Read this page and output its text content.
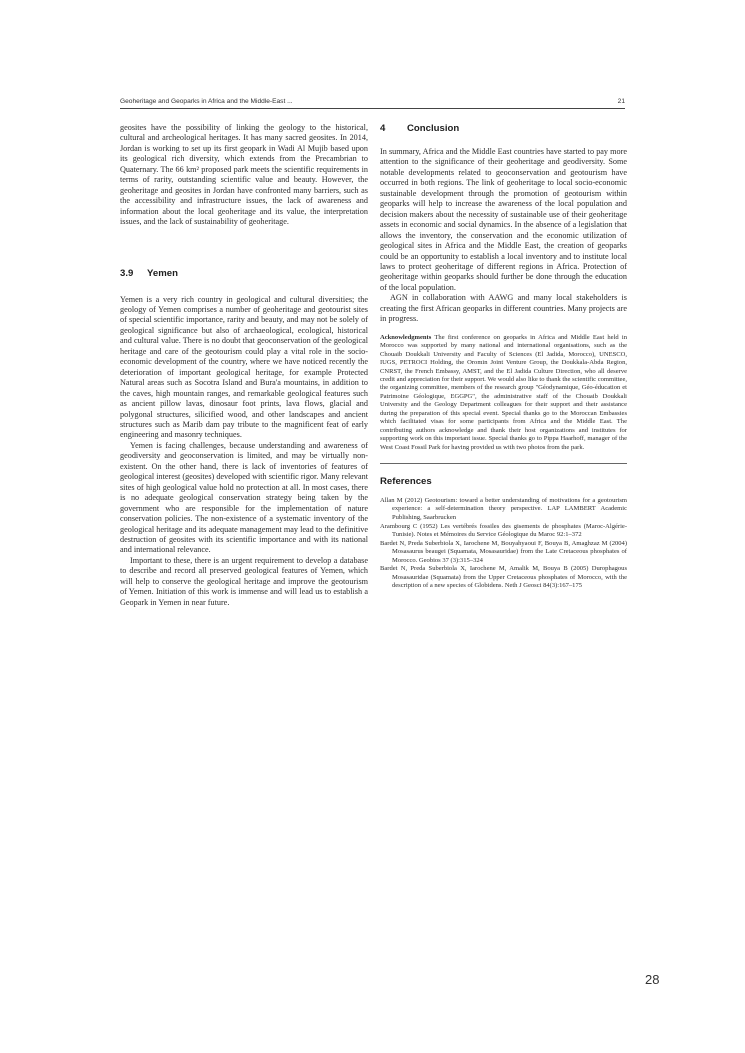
Geoheritage and Geoparks in Africa and the Middle-East ...	21

geosites have the possibility of linking the geology to the historical, cultural and archeological heritages. It has many sacred geosites. In 2014, Jordan is working to set up its first geopark in Wadi Al Mujib based upon its geological rich diversity, which extends from the Precambrian to Quaternary. The 66 km² proposed park meets the scientific requirements in terms of rarity, outstanding scientific value and beauty. However, the geoheritage and geosites in Jordan have confronted many barriers, such as the accessibility and infrastructure issues, the lack of awareness and information about the local geoheritage and its value, the interpretation issues, and the lack of sustainability of geoheritage.

3.9 Yemen

Yemen is a very rich country in geological and cultural diversities; the geology of Yemen comprises a number of geoheritage and geotourist sites of special scientific importance, rarity and beauty, and may not be solely of geological significance but also of archaeological, ecological, historical and cultural value. There is no doubt that geoconservation of the geological heritage and care of the geotourism could play a vital role in the socio-economic development of the country, where we have noticed recently the deterioration of important geological heritage, for example Protected Natural areas such as Socotra Island and Bura'a mountains, in addition to the caves, high mountain ranges, and remarkable geological features such as ancient pillow lavas, dinosaur foot prints, lava flows, glacial and polygonal structures, silicified wood, and other landscapes and ancient structures such as Marib dam pay tribute to the magnificent feat of early engineering and masonry techniques.

Yemen is facing challenges, because understanding and awareness of geodiversity and geoconservation is limited, and may be virtually non-existent. On the other hand, there is lack of inventories of features of geological interest (geosites) developed with scientific rigor. Many relevant sites of high geological value hold no protection at all. In most cases, there is no adequate geological conservation strategy being taken by the government who are responsible for the implementation of nature conservation policies. The non-existence of a systematic inventory of the geological heritage and its adequate management may lead to the definitive destruction of geosites with its scientific importance and with its national and international relevance.

Important to these, there is an urgent requirement to develop a database to describe and record all preserved geological features of Yemen, which will help to conserve the geological heritage and improve the geotourism of Yemen. Initiation of this work is immense and will lead us to establish a Geopark in Yemen in near future.

4 Conclusion

In summary, Africa and the Middle East countries have started to pay more attention to the significance of their geoheritage and geodiversity. Some notable developments related to geoconservation and geotourism have occurred in both regions. The link of geoheritage to local socio-economic sustainable development through the promotion of geotourism within geoparks will help to increase the awareness of the local population and decision makers about the necessity of sustainable use of their geoheritage assets in economic and social dynamics. In the absence of a legislation that allows the inventory, the conservation and the economic utilization of geological sites in Africa and the Middle East, the creation of geoparks could be an opportunity to establish a local inventory and to institute local laws to protect geoheritage of different regions in Africa. Protection of geoheritage within geoparks should further be done through the education of the local population.

AGN in collaboration with AAWG and many local stakeholders is creating the first African geoparks in different countries. Many projects are in progress.

Acknowledgments The first conference on geoparks in Africa and Middle East held in Morocco was supported by many national and international organisations, such as the Chouaib Doukkali University and Faculty of Sciences (El Jadida, Morocco), UNESCO, IUGS, PETROCI Holding, the Oromin Joint Venture Group, the Doukkala-Abda Region, CNRST, the French Embassy, AMST, and the El Jadida Culture Direction, who all deserve credit and appreciation for their support. We would also like to thank the scientific committee, the organizing committee, members of the research group "Géodynamique, Géo-éducation et Patrimoine Géologique, EGGPG", the administrative staff of the Chouaib Doukkali University and the Geology Department colleagues for their support and their assistance during the preparation of this special event. Special thanks go to the Moroccan Embassies which facilitated visas for some participants from Africa and the Middle East. The contributing authors acknowledge and thank their host organizations and institutes for supporting work on this important issue. Special thanks go to Pippa Haarhoff, manager of the West Coast Fossil Park for having provided us with two photos from the park.

References
Allan M (2012) Geotourism: toward a better understanding of motivations for a geotourism experience: a self-determination theory perspective. LAP LAMBERT Academic Publishing, Saarbrucken
Arambourg C (1952) Les vertébrés fossiles des gisements de phosphates (Maroc-Algérie-Tunisie). Notes et Mémoires du Service Géologique du Maroc 92:1–372
Bardet N, Preda Suberbiola X, Iarochene M, Bouyahyaoui F, Bouya B, Amaghzaz M (2004) Mosasaurus beaugei (Squamata, Mosasauridae) from the Late Cretaceous phosphates of Morocco. Geobios 37 (3):315–324
Bardet N, Preda Suberbiola X, Iarochene M, Amalik M, Bouya B (2005) Durophagous Mosasauridae (Squamata) from the Upper Cretaceous phosphates of Morocco, with the description of a new species of Globidens. Neth J Geosci 84(3):167–175
28
